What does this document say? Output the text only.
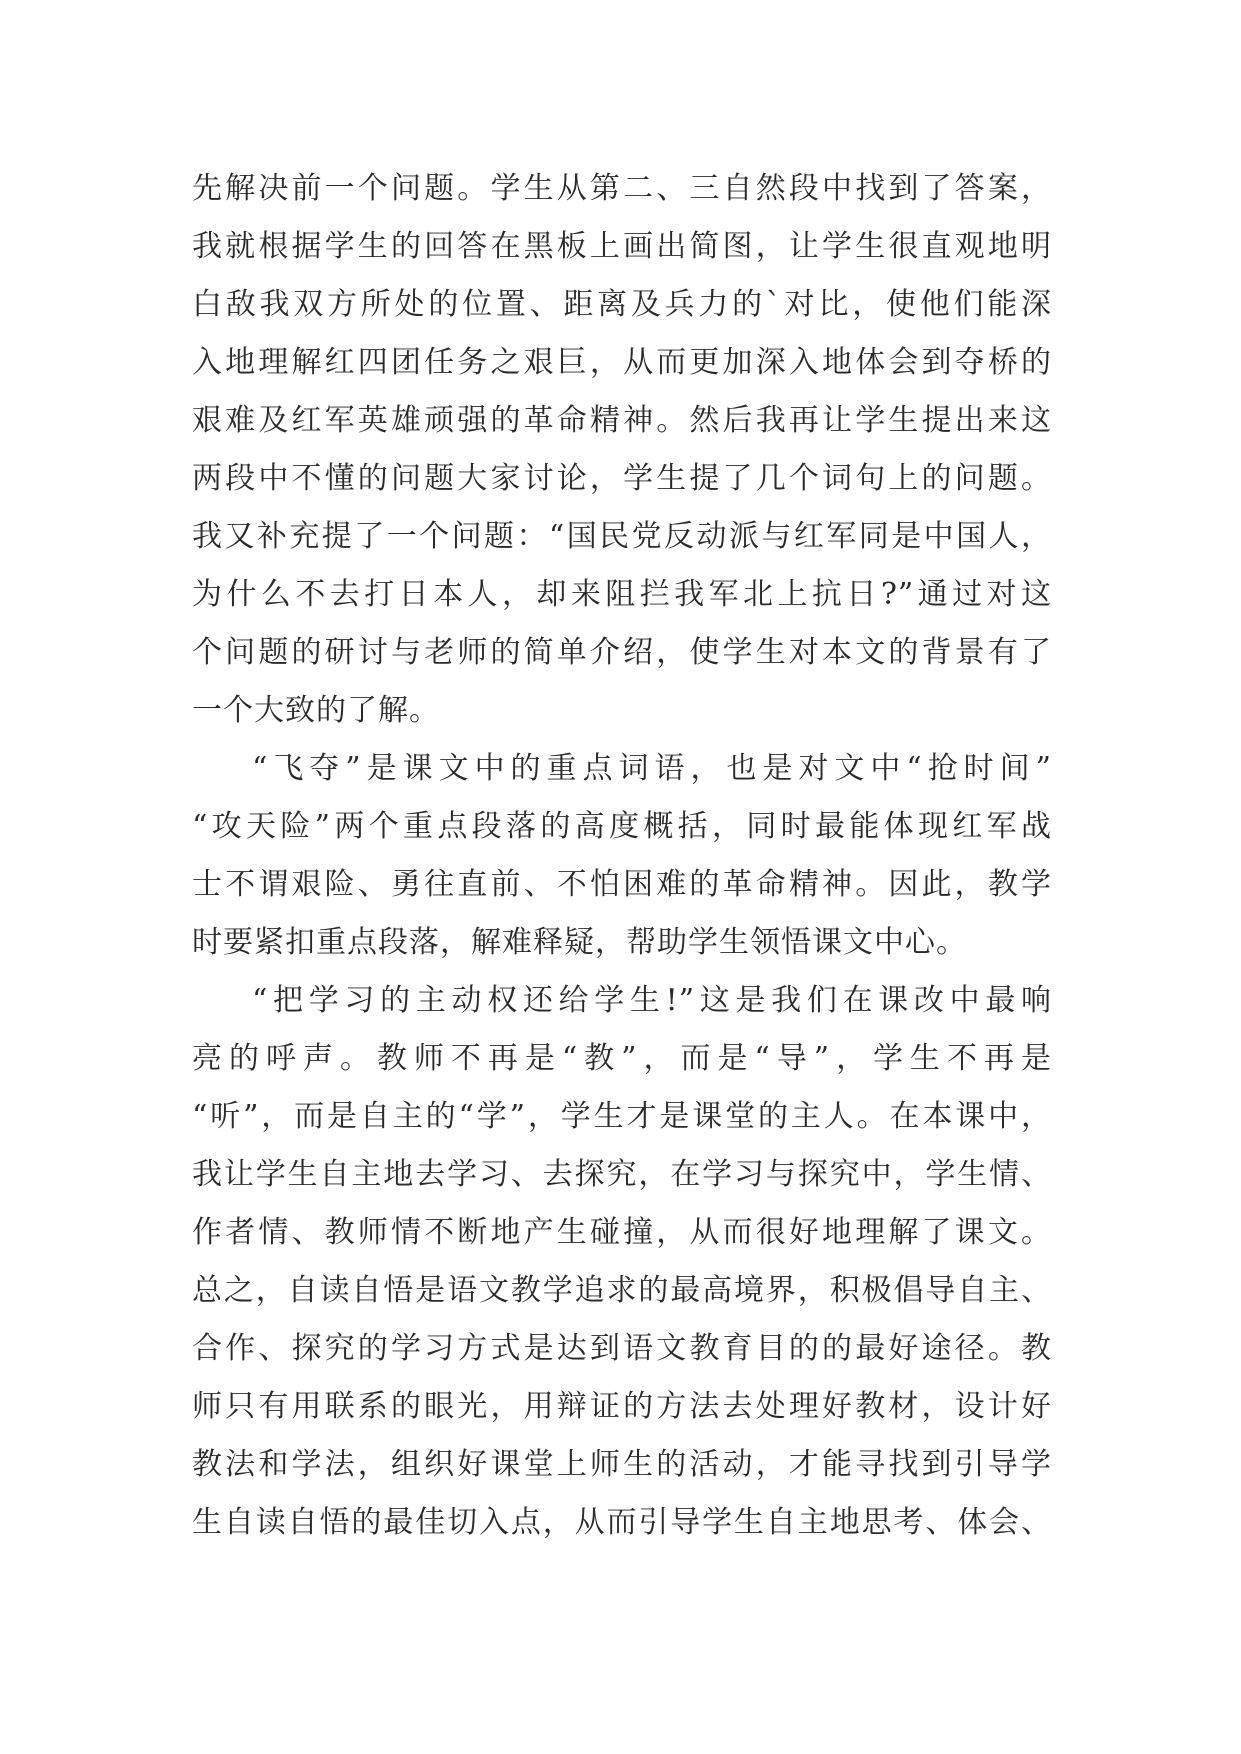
先解决前一个问题。学生从第二、三自然段中找到了答案，
我就根据学生的回答在黑板上画出简图，让学生很直观地明
白敌我双方所处的位置、距离及兵力的`对比，使他们能深
入地理解红四团任务之艰巨，从而更加深入地体会到夺桥的
艰难及红军英雄顽强的革命精神。然后我再让学生提出来这
两段中不懂的问题大家讨论，学生提了几个词句上的问题。
我又补充提了一个问题：“国民党反动派与红军同是中国人，
为什么不去打日本人，却来阻拦我军北上抗日?”通过对这
个问题的研讨与老师的简单介绍，使学生对本文的背景有了
一个大致的了解。
“飞夺”是课文中的重点词语，也是对文中“抢时间”
“攻天险”两个重点段落的高度概括，同时最能体现红军战
士不谓艰险、勇往直前、不怕困难的革命精神。因此，教学
时要紧扣重点段落，解难释疑，帮助学生领悟课文中心。
“把学习的主动权还给学生!”这是我们在课改中最响
亮的呼声。教师不再是“教”，而是“导”，学生不再是
“听”，而是自主的“学”，学生才是课堂的主人。在本课中，
我让学生自主地去学习、去探究，在学习与探究中，学生情、
作者情、教师情不断地产生碰撞，从而很好地理解了课文。
总之，自读自悟是语文教学追求的最高境界，积极倡导自主、
合作、探究的学习方式是达到语文教育目的的最好途径。教
师只有用联系的眼光，用辩证的方法去处理好教材，设计好
教法和学法，组织好课堂上师生的活动，才能寻找到引导学
生自读自悟的最佳切入点，从而引导学生自主地思考、体会、
